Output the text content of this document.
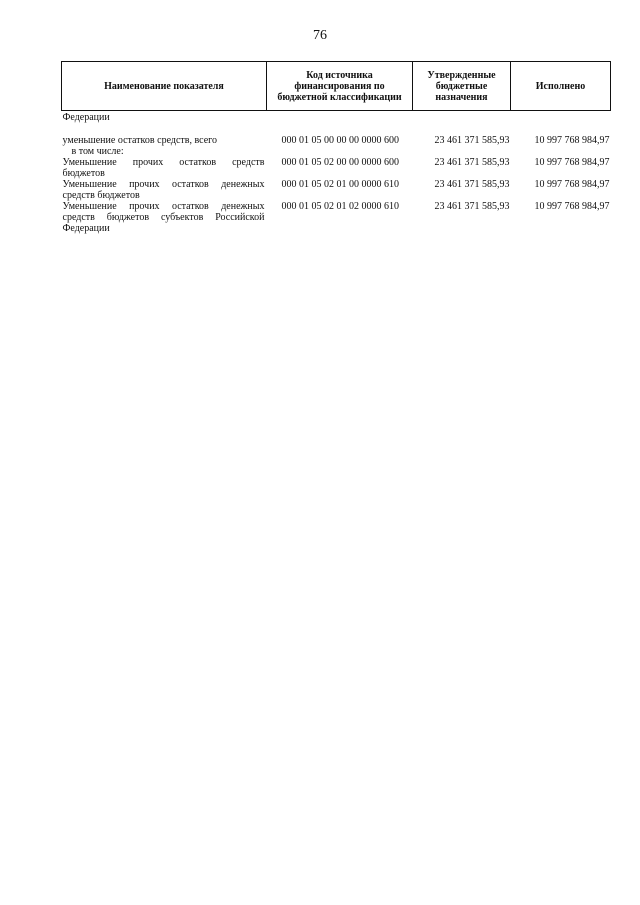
76
Наименование показателя	Код источника финансирования по бюджетной классификации	Утвержденные бюджетные назначения	Исполнено
Федерации			

уменьшение остатков средств, всего	000 01 05 00 00 00 0000 600	23 461 371 585,93	10 997 768 984,97
в том числе:			
Уменьшение прочих остатков средств бюджетов	000 01 05 02 00 00 0000 600	23 461 371 585,93	10 997 768 984,97
Уменьшение прочих остатков денежных средств бюджетов	000 01 05 02 01 00 0000 610	23 461 371 585,93	10 997 768 984,97
Уменьшение прочих остатков денежных средств бюджетов субъектов Российской Федерации	000 01 05 02 01 02 0000 610	23 461 371 585,93	10 997 768 984,97
